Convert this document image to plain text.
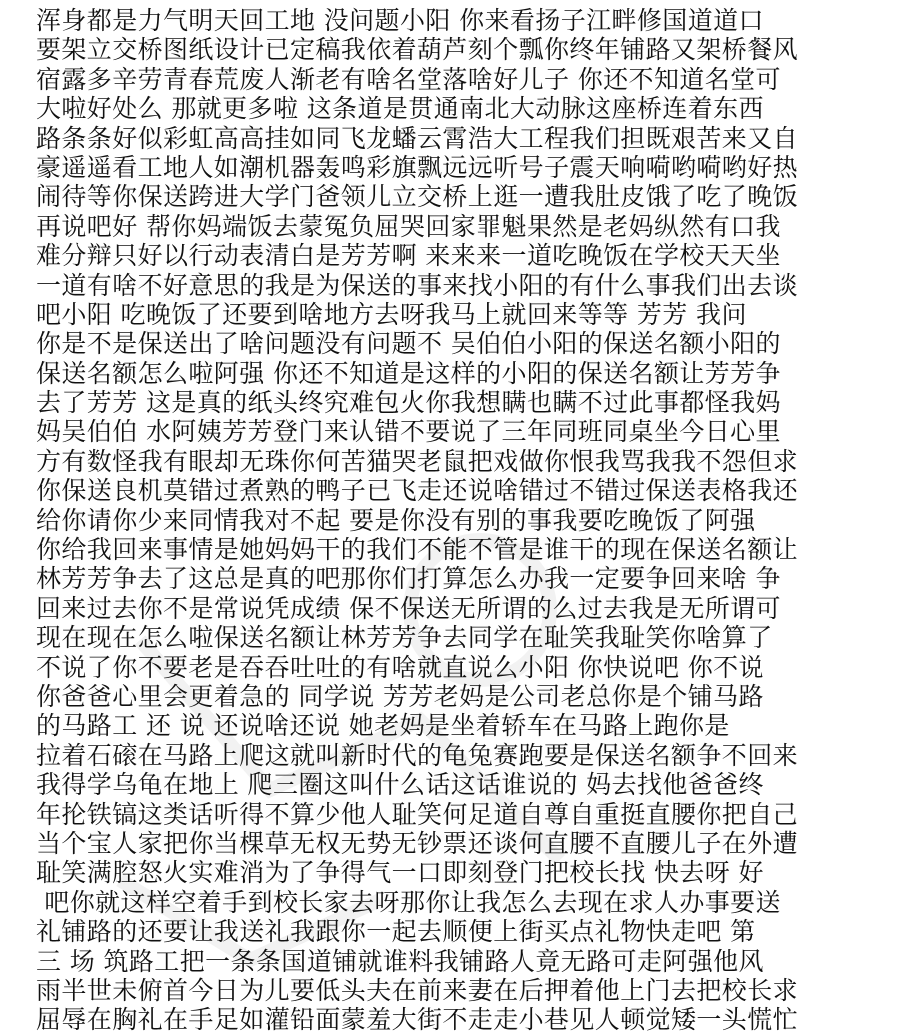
浑身都是力气明天回工地 没问题小阳 你来看扬子江畔修国道道口
要架立交桥图纸设计已定稿我依着葫芦刻个瓢你终年铺路又架桥餐风
宿露多辛劳青春荒废人渐老有啥名堂落啥好儿子 你还不知道名堂可
大啦好处么 那就更多啦 这条道是贯通南北大动脉这座桥连着东西
路条条好似彩虹高高挂如同飞龙蟠云霄浩大工程我们担既艰苦来又自
豪遥遥看工地人如潮机器轰鸣彩旗飘远远听号子震天响嗬哟嗬哟好热
闹待等你保送跨进大学门爸领儿立交桥上逛一遭我肚皮饿了吃了晚饭
再说吧好 帮你妈端饭去蒙冤负屈哭回家罪魁果然是老妈纵然有口我
难分辩只好以行动表清白是芳芳啊 来来来一道吃晚饭在学校天天坐
一道有啥不好意思的我是为保送的事来找小阳的有什么事我们出去谈
吧小阳 吃晚饭了还要到啥地方去呀我马上就回来等等 芳芳 我问
你是不是保送出了啥问题没有问题不 吴伯伯小阳的保送名额小阳的
保送名额怎么啦阿强 你还不知道是这样的小阳的保送名额让芳芳争
去了芳芳 这是真的纸头终究难包火你我想瞒也瞒不过此事都怪我妈
妈吴伯伯 水阿姨芳芳登门来认错不要说了三年同班同桌坐今日心里
方有数怪我有眼却无珠你何苦猫哭老鼠把戏做你恨我骂我我不怨但求
你保送良机莫错过煮熟的鸭子已飞走还说啥错过不错过保送表格我还
给你请你少来同情我对不起 要是你没有别的事我要吃晚饭了阿强
你给我回来事情是她妈妈干的我们不能不管是谁干的现在保送名额让
林芳芳争去了这总是真的吧那你们打算怎么办我一定要争回来啥 争
回来过去你不是常说凭成绩 保不保送无所谓的么过去我是无所谓可
现在现在怎么啦保送名额让林芳芳争去同学在耻笑我耻笑你啥算了
不说了你不要老是吞吞吐吐的有啥就直说么小阳 你快说吧 你不说
你爸爸心里会更着急的 同学说 芳芳老妈是公司老总你是个铺马路
的马路工 还 说 还说啥还说 她老妈是坐着轿车在马路上跑你是
拉着石磙在马路上爬这就叫新时代的龟兔赛跑要是保送名额争不回来
我得学乌龟在地上 爬三圈这叫什么话这话谁说的 妈去找他爸爸终
年抡铁镐这类话听得不算少他人耻笑何足道自尊自重挺直腰你把自己
当个宝人家把你当棵草无权无势无钞票还谈何直腰不直腰儿子在外遭
耻笑满腔怒火实难消为了争得气一口即刻登门把校长找 快去呀 好
吧你就这样空着手到校长家去呀那你让我怎么去现在求人办事要送
礼铺路的还要让我送礼我跟你一起去顺便上街买点礼物快走吧 第
三 场 筑路工把一条条国道铺就谁料我铺路人竟无路可走阿强他风
雨半世未俯首今日为儿要低头夫在前来妻在后押着他上门去把校长求
屈辱在胸礼在手足如灌铅面蒙羞大街不走走小巷见人顿觉矮一头慌忙
